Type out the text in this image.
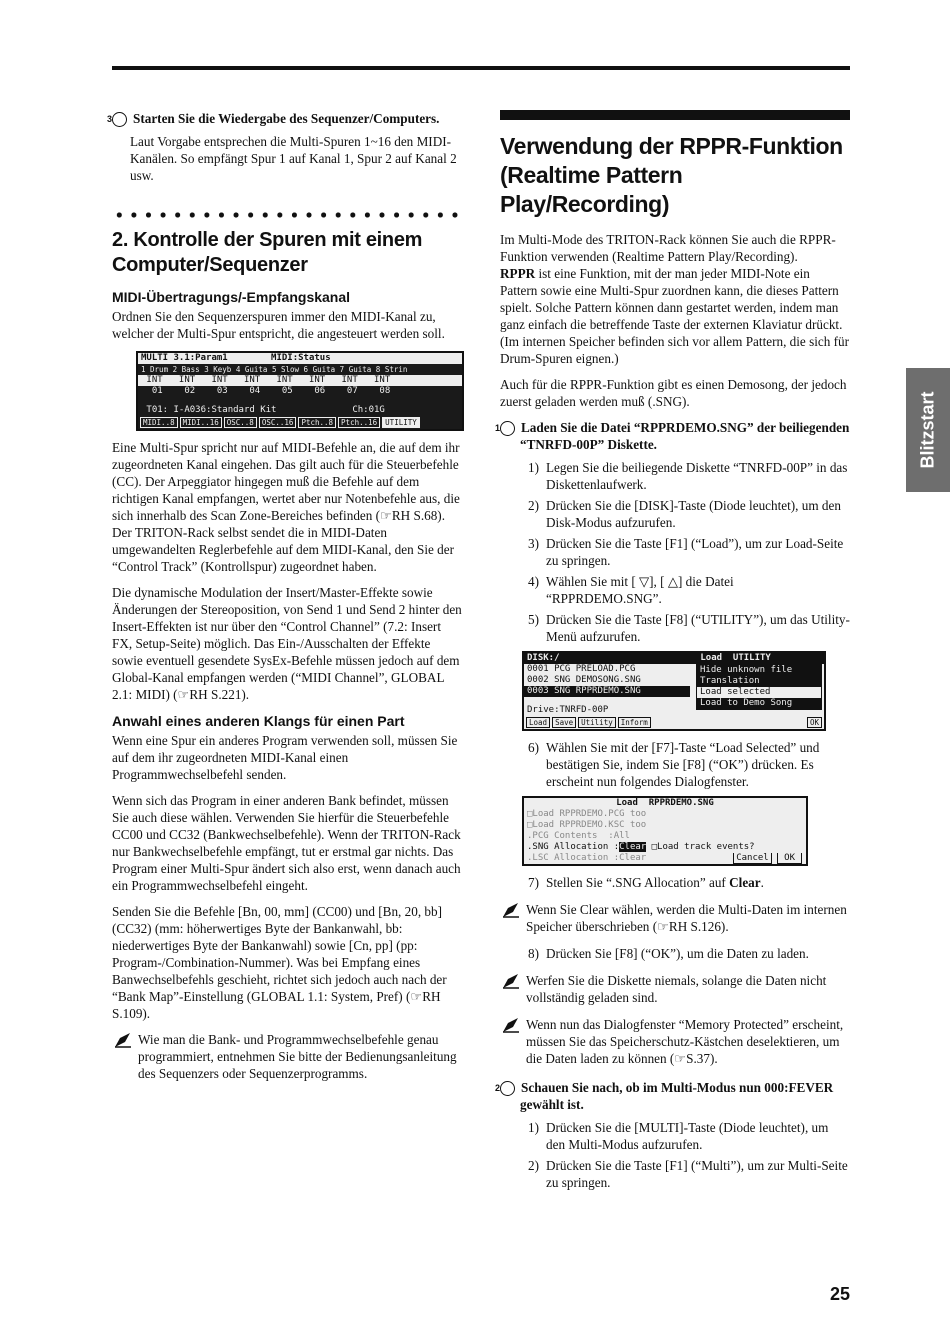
3 Starten Sie die Wiedergabe des Sequenzer/Computers.

Laut Vorgabe entsprechen die Multi-Spuren 1~16 den MIDI-Kanälen. So empfängt Spur 1 auf Kanal 1, Spur 2 auf Kanal 2 usw.

2. Kontrolle der Spuren mit einem Computer/Sequenzer
MIDI-Übertragungs/-Empfangskanal

Ordnen Sie den Sequenzerspuren immer den MIDI-Kanal zu, welcher der Multi-Spur entspricht, die angesteuert werden soll.

MULTI 3.1:Param1        MIDI:Status
1 Drum 2 Bass 3 Keyb 4 Guita 5 Slow 6 Guita 7 Guita 8 Strin
INT   INT   INT   INT   INT   INT   INT   INT
01    02    03    04    05    06    07    08
T01: I-A036:Standard Kit              Ch:01G
MIDI..8	MIDI..16	OSC..8	OSC..16	Ptch..8	Ptch..16	UTILITY

Eine Multi-Spur spricht nur auf MIDI-Befehle an, die auf dem ihr zugeordneten Kanal eingehen. Das gilt auch für die Steuerbefehle (CC). Der Arpeggiator hingegen muß die Befehle auf dem richtigen Kanal empfangen, wertet aber nur Notenbefehle aus, die sich innerhalb des Scan Zone-Bereiches befinden (☞RH S.68).

Der TRITON-Rack selbst sendet die in MIDI-Daten umgewandelten Reglerbefehle auf dem MIDI-Kanal, den Sie der “Control Track” (Kontrollspur) zugeordnet haben.

Die dynamische Modulation der Insert/Master-Effekte sowie Änderungen der Stereoposition, von Send 1 und Send 2 hinter den Insert-Effekten ist nur über den “Control Channel” (7.2: Insert FX, Setup-Seite) möglich. Das Ein-/Ausschalten der Effekte sowie eventuell gesendete SysEx-Befehle müssen jedoch auf dem Global-Kanal empfangen werden (“MIDI Channel”, GLOBAL 2.1: MIDI) (☞RH S.221).

Anwahl eines anderen Klangs für einen Part

Wenn eine Spur ein anderes Program verwenden soll, müssen Sie auf dem ihr zugeordneten MIDI-Kanal einen Programmwechselbefehl senden.

Wenn sich das Program in einer anderen Bank befindet, müssen Sie auch diese wählen. Verwenden Sie hierfür die Steuerbefehle CC00 und CC32 (Bankwechselbefehle). Wenn der TRITON-Rack nur Bankwechselbefehle empfängt, tut er erstmal gar nichts. Das Program einer Multi-Spur ändert sich also erst, wenn danach auch ein Programmwechselbefehl eingeht.

Senden Sie die Befehle [Bn, 00, mm] (CC00) und [Bn, 20, bb] (CC32) (mm: höherwertiges Byte der Bankanwahl, bb: niederwertiges Byte der Bankanwahl) sowie [Cn, pp] (pp: Program-/Combination-Nummer). Was bei Empfang eines Banwechselbefehls geschieht, richtet sich jedoch auch nach der “Bank Map”-Einstellung (GLOBAL 1.1: System, Pref) (☞RH S.109).

Wie man die Bank- und Programmwechselbefehle genau programmiert, entnehmen Sie bitte der Bedienungsanleitung des Sequenzers oder Sequenzerprogramms.
Verwendung der RPPR-Funktion (Realtime Pattern Play/Recording)

Im Multi-Mode des TRITON-Rack können Sie auch die RPPR-Funktion verwenden (Realtime Pattern Play/Recording).

RPPR ist eine Funktion, mit der man jeder MIDI-Note ein Pattern sowie eine Multi-Spur zuordnen kann, die dieses Pattern spielt. Solche Pattern können dann gestartet werden, indem man ganz einfach die betreffende Taste der externen Klaviatur drückt. (Im internen Speicher befinden sich vor allem Pattern, die sich für Drum-Spuren eignen.)

Auch für die RPPR-Funktion gibt es einen Demosong, der jedoch zuerst geladen werden muß (.SNG).

1 Laden Sie die Datei “RPPRDEMO.SNG” der beiliegenden “TNRFD-00P” Diskette.

1) Legen Sie die beiliegende Diskette “TNRFD-00P” in das Diskettenlaufwerk.
2) Drücken Sie die [DISK]-Taste (Diode leuchtet), um den Disk-Modus aufzurufen.
3) Drücken Sie die Taste [F1] (“Load”), um zur Load-Seite zu springen.
4) Wählen Sie mit [ ▽], [ △] die Datei “RPPRDEMO.SNG”.
5) Drücken Sie die Taste [F8] (“UTILITY”), um das Utility-Menü aufzurufen.
DISK:/                          Load  UTILITY
0001 PCG PRELOAD.PCG
0002 SNG DEMOSONG.SNG
0003 SNG RPPRDEMO.SNG
Hide unknown file
Translation
Load selected
Load to Demo Song
Drive:TNRFD-00P
Load	Save	Utility	Inform	OK
6) Wählen Sie mit der [F7]-Taste “Load Selected” und bestätigen Sie, indem Sie [F8] (“OK”) drücken. Es erscheint nun folgendes Dialogfenster.
Load  RPPRDEMO.SNG
□Load RPPRDEMO.PCG too
□Load RPPRDEMO.KSC too
.PCG Contents  :All
.SNG Allocation :Clear □Load track events?
.LSC Allocation :Clear	Cancel OK
7) Stellen Sie “.SNG Allocation” auf Clear.
Wenn Sie Clear wählen, werden die Multi-Daten im internen Speicher überschrieben (☞RH S.126).
8) Drücken Sie [F8] (“OK”), um die Daten zu laden.
Werfen Sie die Diskette niemals, solange die Daten nicht vollständig geladen sind.
Wenn nun das Dialogfenster “Memory Protected” erscheint, müssen Sie das Speicherschutz-Kästchen deselektieren, um die Daten laden zu können (☞S.37).

2 Schauen Sie nach, ob im Multi-Modus nun 000:FEVER gewählt ist.

1) Drücken Sie die [MULTI]-Taste (Diode leuchtet), um den Multi-Modus aufzurufen.
2) Drücken Sie die Taste [F1] (“Multi”), um zur Multi-Seite zu springen.
Blitzstart
25
